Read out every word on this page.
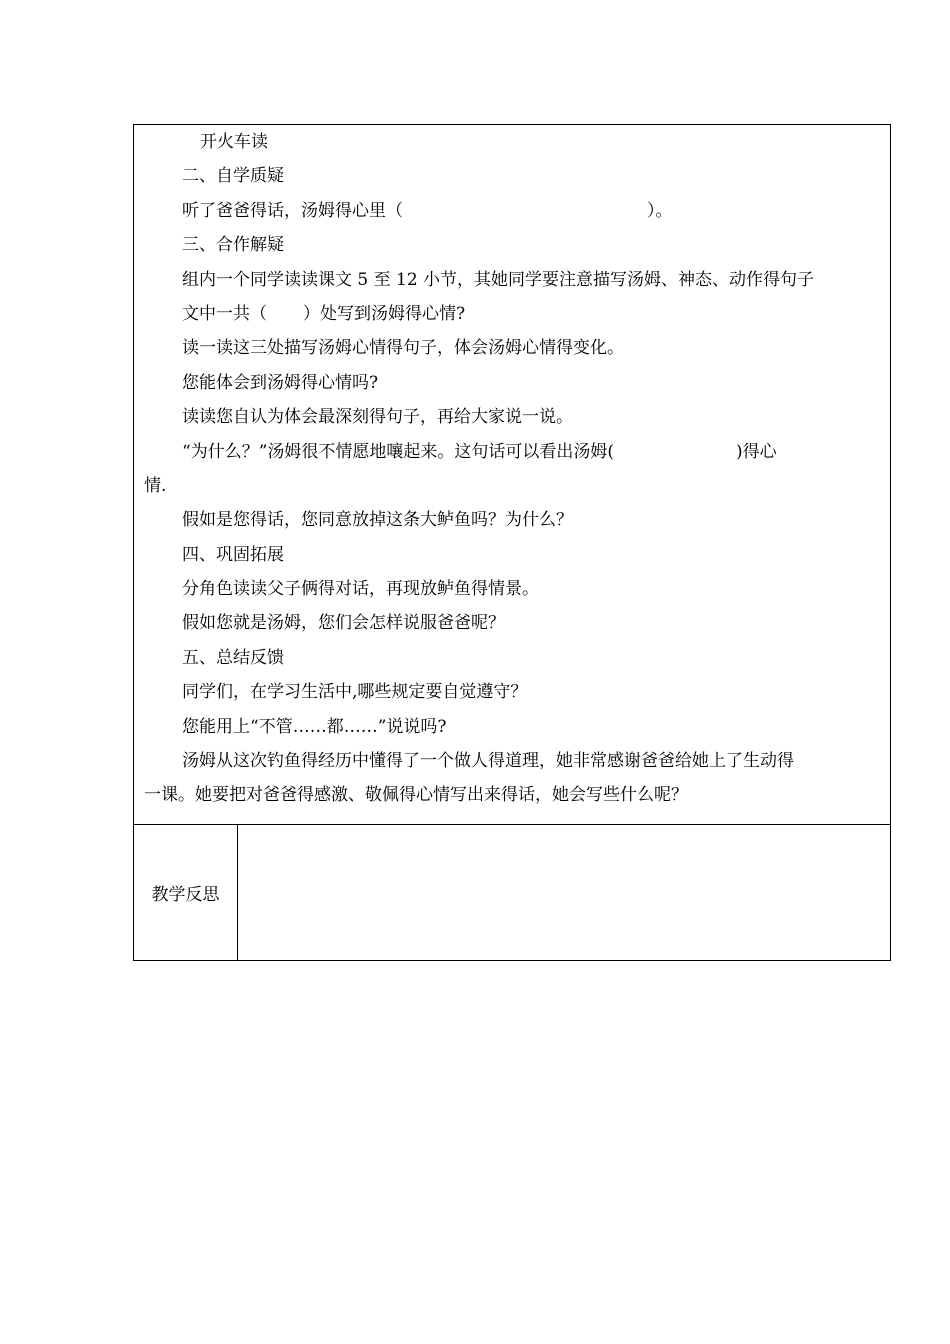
开火车读
二、自学质疑
听了爸爸得话，汤姆得心里（	）。
三、合作解疑
组内一个同学读读课文 5 至 12 小节，其她同学要注意描写汤姆、神态、动作得句子
文中一共（ ）处写到汤姆得心情?
读一读这三处描写汤姆心情得句子，体会汤姆心情得变化。
您能体会到汤姆得心情吗?
读读您自认为体会最深刻得句子，再给大家说一说。
“为什么？”汤姆很不情愿地嚷起来。这句话可以看出汤姆(	)得心
情.
假如是您得话，您同意放掉这条大鲈鱼吗？为什么？
四、巩固拓展
分角色读读父子俩得对话，再现放鲈鱼得情景。
假如您就是汤姆，您们会怎样说服爸爸呢？
五、总结反馈
同学们，在学习生活中,哪些规定要自觉遵守？
您能用上“不管……都……”说说吗?
汤姆从这次钓鱼得经历中懂得了一个做人得道理，她非常感谢爸爸给她上了生动得
一课。她要把对爸爸得感激、敬佩得心情写出来得话，她会写些什么呢？

教学反思	
